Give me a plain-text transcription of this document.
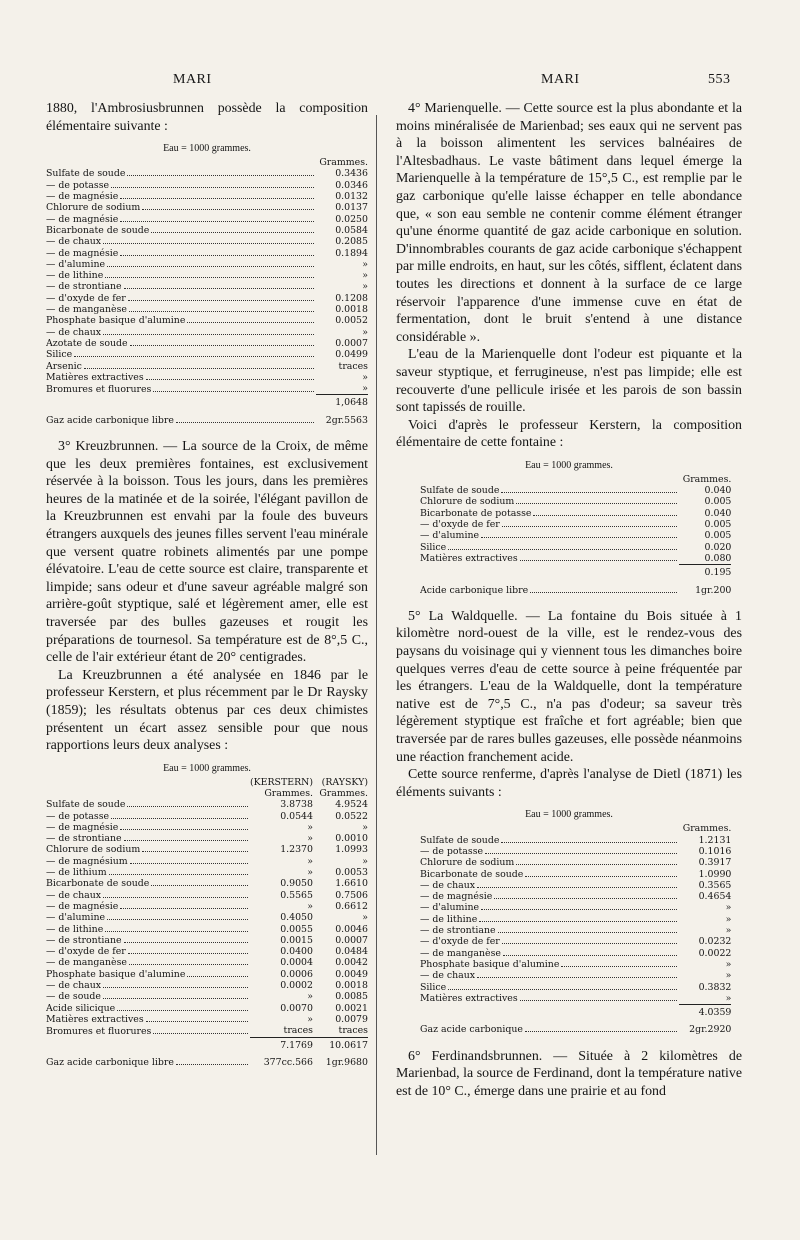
MARI	MARI	553

1880, l'Ambrosiusbrunnen possède la composition élémentaire suivante :

Eau = 1000 grammes.
	Grammes.

Sulfate de soude	0.3436

— de potasse	0.0346

— de magnésie	0.0132

Chlorure de sodium	0.0137

— de magnésie	0.0250

Bicarbonate de soude	0.0584

— de chaux	0.2085

— de magnésie	0.1894

— d'alumine	»

— de lithine	»

— de strontiane	»

— d'oxyde de fer	0.1208

— de manganèse	0.0018

Phosphate basique d'alumine	0.0052

— de chaux	»

Azotate de soude	0.0007

Silice	0.0499

Arsenic	traces

Matières extractives	»

Bromures et fluorures	»
	1,0648

Gaz acide carbonique libre	2gr.5563

3° Kreuzbrunnen. — La source de la Croix, de même que les deux premières fontaines, est exclusivement réservée à la boisson. Tous les jours, dans les premières heures de la matinée et de la soirée, l'élégant pavillon de la Kreuzbrunnen est envahi par la foule des buveurs étrangers auxquels des jeunes filles servent l'eau minérale que versent quatre robinets alimentés par une pompe élévatoire. L'eau de cette source est claire, transparente et limpide; sans odeur et d'une saveur agréable malgré son arrière-goût styptique, salé et légèrement amer, elle est traversée par des bulles gazeuses et rougit les préparations de tournesol. Sa température est de 8°,5 C., celle de l'air extérieur étant de 20° centigrades.

La Kreuzbrunnen a été analysée en 1846 par le professeur Kerstern, et plus récemment par le Dr Raysky (1859); les résultats obtenus par ces deux chimistes présentent un écart assez sensible pour que nous rapportions leurs deux analyses :

Eau = 1000 grammes.
	(KERSTERN)	(RAYSKY)
	Grammes.	Grammes.

Sulfate de soude	3.8738	4.9524

— de potasse	0.0544	0.0522

— de magnésie	»	»

— de strontiane	»	0.0010

Chlorure de sodium	1.2370	1.0993

— de magnésium	»	»

— de lithium	»	0.0053

Bicarbonate de soude	0.9050	1.6610

— de chaux	0.5565	0.7506

— de magnésie	»	0.6612

— d'alumine	0.4050	»

— de lithine	0.0055	0.0046

— de strontiane	0.0015	0.0007

— d'oxyde de fer	0.0400	0.0484

— de manganèse	0.0004	0.0042

Phosphate basique d'alumine	0.0006	0.0049

— de chaux	0.0002	0.0018

— de soude	»	0.0085

Acide silicique	0.0070	0.0021

Matières extractives	»	0.0079

Bromures et fluorures	traces	traces
	7.1769	10.0617

Gaz acide carbonique libre	377cc.566	1gr.9680

4° Marienquelle. — Cette source est la plus abondante et la moins minéralisée de Marienbad; ses eaux qui ne servent pas à la boisson alimentent les services balnéaires de l'Altesbadhaus. Le vaste bâtiment dans lequel émerge la Marienquelle à la température de 15°,5 C., est remplie par le gaz carbonique qu'elle laisse échapper en telle abondance que, « son eau semble ne contenir comme élément étranger qu'une énorme quantité de gaz acide carbonique en solution. D'innombrables courants de gaz acide carbonique s'échappent par mille endroits, en haut, sur les côtés, sifflent, éclatent dans toutes les directions et donnent à la surface de ce large réservoir l'apparence d'une immense cuve en état de fermentation, dont le bruit s'entend à une distance considérable ».

L'eau de la Marienquelle dont l'odeur est piquante et la saveur styptique, et ferrugineuse, n'est pas limpide; elle est recouverte d'une pellicule irisée et les parois de son bassin sont tapissés de rouille.

Voici d'après le professeur Kerstern, la composition élémentaire de cette fontaine :

Eau = 1000 grammes.
	Grammes.

Sulfate de soude	0.040

Chlorure de sodium	0.005

Bicarbonate de potasse	0.040

— d'oxyde de fer	0.005

— d'alumine	0.005

Silice	0.020

Matières extractives	0.080
	0.195

Acide carbonique libre	1gr.200

5° La Waldquelle. — La fontaine du Bois située à 1 kilomètre nord-ouest de la ville, est le rendez-vous des paysans du voisinage qui y viennent tous les dimanches boire quelques verres d'eau de cette source à peine fréquentée par les étrangers. L'eau de la Waldquelle, dont la température native est de 7°,5 C., n'a pas d'odeur; sa saveur très légèrement styptique est fraîche et fort agréable; bien que traversée par de rares bulles gazeuses, elle possède néanmoins une réaction franchement acide.

Cette source renferme, d'après l'analyse de Dietl (1871) les éléments suivants :

Eau = 1000 grammes.
	Grammes.

Sulfate de soude	1.2131

— de potasse	0.1016

Chlorure de sodium	0.3917

Bicarbonate de soude	1.0990

— de chaux	0.3565

— de magnésie	0.4654

— d'alumine	»

— de lithine	»

— de strontiane	»

— d'oxyde de fer	0.0232

— de manganèse	0.0022

Phosphate basique d'alumine	»

— de chaux	»

Silice	0.3832

Matières extractives	»
	4.0359

Gaz acide carbonique	2gr.2920

6° Ferdinandsbrunnen. — Située à 2 kilomètres de Marienbad, la source de Ferdinand, dont la température native est de 10° C., émerge dans une prairie et au fond
